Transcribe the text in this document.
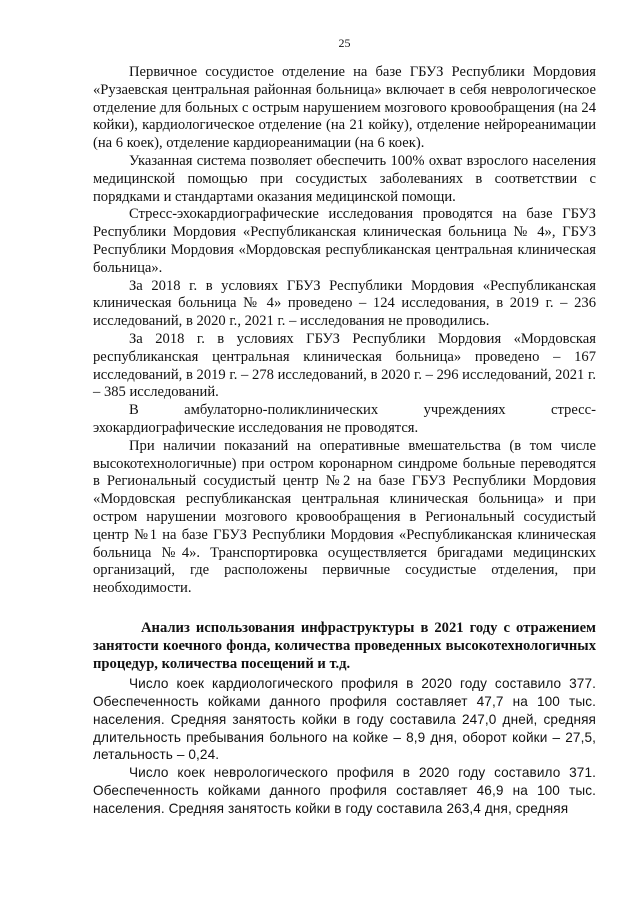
25

Первичное сосудистое отделение на базе ГБУЗ Республики Мордовия «Рузаевская центральная районная больница» включает в себя неврологическое отделение для больных с острым нарушением мозгового кровообращения (на 24 койки), кардиологическое отделение (на 21 койку), отделение нейрореанимации (на 6 коек), отделение кардиореанимации (на 6 коек).

Указанная система позволяет обеспечить 100% охват взрослого населения медицинской помощью при сосудистых заболеваниях в соответствии с порядками и стандартами оказания медицинской помощи.

Стресс-эхокардиографические исследования проводятся на базе ГБУЗ Республики Мордовия «Республиканская клиническая больница № 4», ГБУЗ Республики Мордовия «Мордовская республиканская центральная клиническая больница».

За 2018 г. в условиях ГБУЗ Республики Мордовия «Республиканская клиническая больница № 4» проведено – 124 исследования, в 2019 г. – 236 исследований, в 2020 г., 2021 г. – исследования не проводились.

За 2018 г. в условиях ГБУЗ Республики Мордовия «Мордовская республиканская центральная клиническая больница» проведено – 167 исследований, в 2019 г. – 278 исследований, в 2020 г. – 296 исследований, 2021 г. – 385 исследований.

В амбулаторно-поликлинических учреждениях стресс-эхокардиографические исследования не проводятся.

При наличии показаний на оперативные вмешательства (в том числе высокотехнологичные) при остром коронарном синдроме больные переводятся в Региональный сосудистый центр №2 на базе ГБУЗ Республики Мордовия «Мордовская республиканская центральная клиническая больница» и при остром нарушении мозгового кровообращения в Региональный сосудистый центр №1 на базе ГБУЗ Республики Мордовия «Республиканская клиническая больница №4». Транспортировка осуществляется бригадами медицинских организаций, где расположены первичные сосудистые отделения, при необходимости.

Анализ использования инфраструктуры в 2021 году с отражением занятости коечного фонда, количества проведенных высокотехнологичных процедур, количества посещений и т.д.

Число коек кардиологического профиля в 2020 году составило 377. Обеспеченность койками данного профиля составляет 47,7 на 100 тыс. населения. Средняя занятость койки в году составила 247,0 дней, средняя длительность пребывания больного на койке – 8,9 дня, оборот койки – 27,5, летальность – 0,24.

Число коек неврологического профиля в 2020 году составило 371. Обеспеченность койками данного профиля составляет 46,9 на 100 тыс. населения. Средняя занятость койки в году составила 263,4 дня, средняя
